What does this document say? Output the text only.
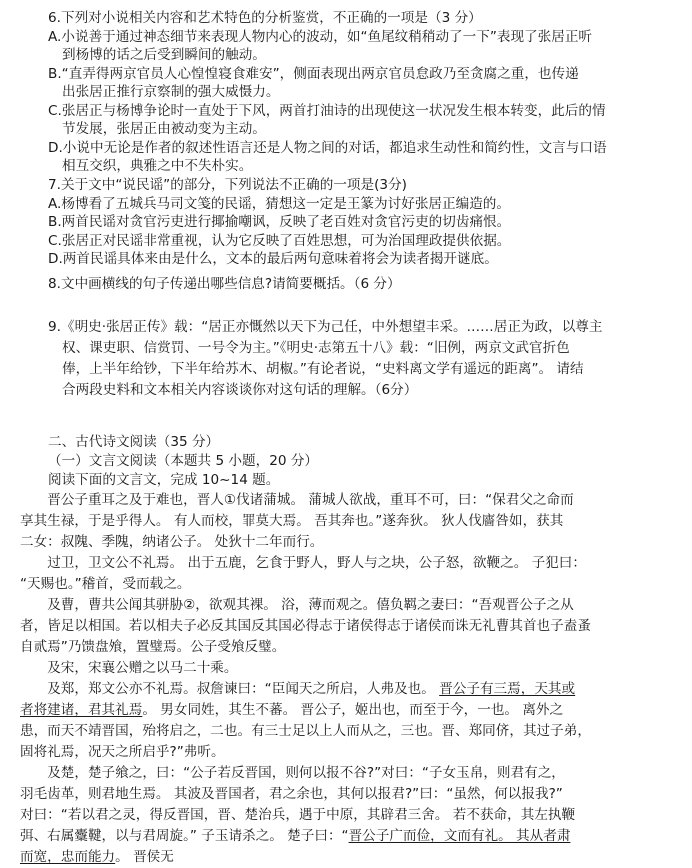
6.下列对小说相关内容和艺术特色的分析鉴赏，不正确的一项是（3 分）
A.小说善于通过神态细节来表现人物内心的波动，如“鱼尾纹稍稍动了一下”表现了张居正听
到杨博的话之后受到瞬间的触动。
B.“直弄得两京官员人心惶惶寝食难安”，侧面表现出两京官员怠政乃至贪腐之重，也传递
出张居正推行京察制的强大威慑力。
C.张居正与杨博争论时一直处于下风，两首打油诗的出现使这一状况发生根本转变，此后的情
节发展，张居正由被动变为主动。
D.小说中无论是作者的叙述性语言还是人物之间的对话，都追求生动性和简约性，文言与口语
相互交织，典雅之中不失朴实。
7.关于文中“说民谣”的部分，下列说法不正确的一项是(3分)
A.杨博看了五城兵马司文笺的民谣，猜想这一定是王篆为讨好张居正编造的。
B.两首民谣对贪官污吏进行揶揄嘲讽，反映了老百姓对贪官污吏的切齿痛恨。
C.张居正对民谣非常重视，认为它反映了百姓思想，可为治国理政提供依据。
D.两首民谣具体来由是什么，文本的最后两句意味着将会为读者揭开谜底。
8.文中画横线的句子传递出哪些信息?请简要概括。（6 分）
9.《明史·张居正传》载：“居正亦慨然以天下为己任，中外想望丰采。……居正为政，以尊主
权、课吏职、信赏罚、一号令为主。”《明史·志第五十八》载：“旧例，两京文武官折色
俸，上半年给钞，下半年给苏木、胡椒。”有论者说，“史料离文学有遥远的距离”。 请结
合两段史料和文本相关内容谈谈你对这句话的理解。（6分）
二、古代诗文阅读（35 分）
（一）文言文阅读（本题共 5 小题，20 分）
阅读下面的文言文，完成 10~14 题。
　　晋公子重耳之及于难也，晋人①伐诸蒲城。 蒲城人欲战，重耳不可，曰：“保君父之命而
享其生禄，于是乎得人。 有人而校，罪莫大焉。 吾其奔也。”遂奔狄。 狄人伐廧咎如，获其
二女：叔隗、季隗，纳诸公子。 处狄十二年而行。
　　过卫，卫文公不礼焉。 出于五鹿，乞食于野人，野人与之块，公子怒，欲鞭之。 子犯曰：
“天赐也。”稽首，受而载之。
　　及曹，曹共公闻其骈胁②，欲观其裸。 浴，薄而观之。僖负羁之妻曰：“吾观晋公子之从
者，皆足以相国。若以相夫子必反其国反其国必得志于诸侯得志于诸侯而诛无礼曹其首也子盍蚤
自贰焉”乃馈盘飧，置璧焉。公子受飧反璧。
　　及宋，宋襄公赠之以马二十乘。
　　及郑，郑文公亦不礼焉。叔詹谏曰：“臣闻天之所启，人弗及也。 晋公子有三焉，天其或
者将建诸，君其礼焉。 男女同姓，其生不蕃。 晋公子，姬出也，而至于今，一也。 离外之
患，而天不靖晋国，殆将启之，二也。有三士足以上人而从之，三也。晋、郑同侪，其过子弟，
固将礼焉，况天之所启乎?”弗听。
　　及楚，楚子飨之，曰：“公子若反晋国，则何以报不谷?”对曰：“子女玉帛，则君有之，
羽毛齿革，则君地生焉。 其波及晋国者，君之余也，其何以报君?”曰：“虽然，何以报我?”
对曰：“若以君之灵，得反晋国，晋、楚治兵，遇于中原，其辟君三舍。 若不获命，其左执鞭
弭、右属櫜鞬，以与君周旋。” 子玉请杀之。 楚子曰：“晋公子广而俭，文而有礼。 其从者肃
而宽，忠而能力。 晋侯无
